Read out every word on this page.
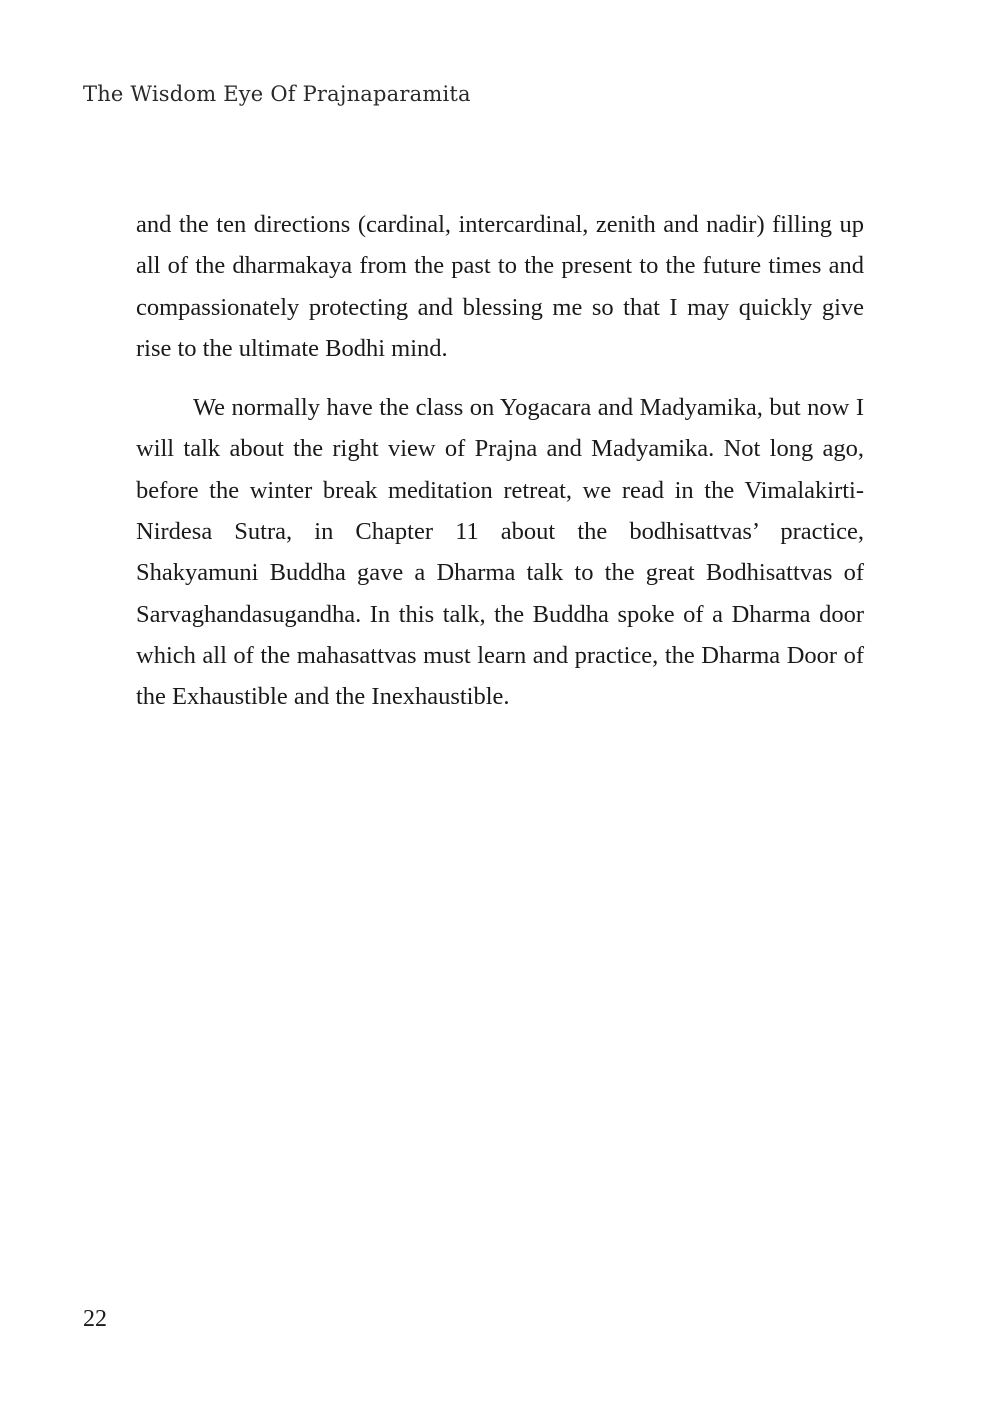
The Wisdom Eye Of Prajnaparamita

and the ten directions (cardinal, intercardinal, zenith and nadir) filling up all of the dharmakaya from the past to the present to the future times and compassionately protecting and blessing me so that I may quickly give rise to the ultimate Bodhi mind.

We normally have the class on Yogacara and Madyamika, but now I will talk about the right view of Prajna and Madyamika. Not long ago, before the winter break meditation retreat, we read in the Vimalakirti-Nirdesa Sutra, in Chapter 11 about the bodhisattvas’ practice, Shakyamuni Buddha gave a Dharma talk to the great Bodhisattvas of Sarvaghandasugandha. In this talk, the Buddha spoke of a Dharma door which all of the mahasattvas must learn and practice, the Dharma Door of the Exhaustible and the Inexhaustible.

22
